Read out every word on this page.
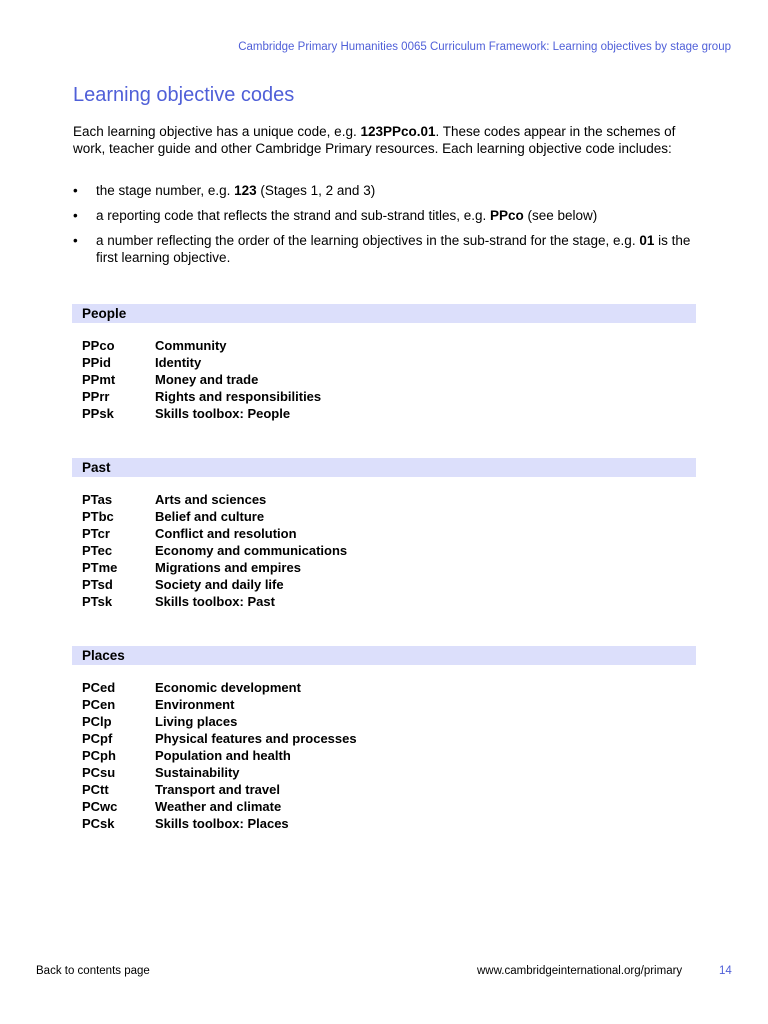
Cambridge Primary Humanities 0065 Curriculum Framework: Learning objectives by stage group
Learning objective codes

Each learning objective has a unique code, e.g. 123PPco.01. These codes appear in the schemes of work, teacher guide and other Cambridge Primary resources. Each learning objective code includes:

• the stage number, e.g. 123 (Stages 1, 2 and 3)
• a reporting code that reflects the strand and sub-strand titles, e.g. PPco (see below)
• a number reflecting the order of the learning objectives in the sub-strand for the stage, e.g. 01 is the first learning objective.
People
PPco	Community
PPid	Identity
PPmt	Money and trade
PPrr	Rights and responsibilities
PPsk	Skills toolbox: People
Past
PTas	Arts and sciences
PTbc	Belief and culture
PTcr	Conflict and resolution
PTec	Economy and communications
PTme	Migrations and empires
PTsd	Society and daily life
PTsk	Skills toolbox: Past
Places
PCed	Economic development
PCen	Environment
PClp	Living places
PCpf	Physical features and processes
PCph	Population and health
PCsu	Sustainability
PCtt	Transport and travel
PCwc	Weather and climate
PCsk	Skills toolbox: Places
Back to contents page	www.cambridgeinternational.org/primary	14
